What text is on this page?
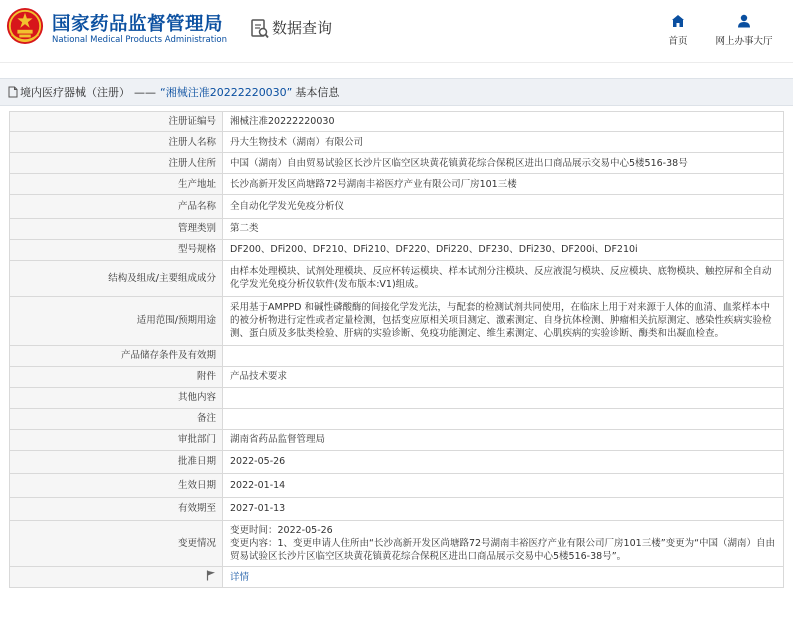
国家药品监督管理局
National Medical Products Administration
数据查询
首页	网上办事大厅
境内医疗器械（注册） —— “湘械注准20222220030” 基本信息
注册证编号	湘械注准20222220030
注册人名称	丹大生物技术（湖南）有限公司
注册人住所	中国（湖南）自由贸易试验区长沙片区临空区块黄花镇黄花综合保税区进出口商品展示交易中心5楼516-38号
生产地址	长沙高新开发区尚塘路72号湖南丰裕医疗产业有限公司厂房101三楼
产品名称	全自动化学发光免疫分析仪
管理类别	第二类
型号规格	DF200、DFi200、DF210、DFi210、DF220、DFi220、DF230、DFi230、DF200i、DF210i
结构及组成/主要组成成分	由样本处理模块、试剂处理模块、反应杯转运模块、样本试剂分注模块、反应液混匀模块、反应模块、底物模块、触控屏和全自动化学发光免疫分析仪软件(发布版本:V1)组成。
适用范围/预期用途	采用基于AMPPD 和碱性磷酸酶的间接化学发光法，与配套的检测试剂共同使用，在临床上用于对来源于人体的血清、血浆样本中的被分析物进行定性或者定量检测，包括变应原相关项目测定、激素测定、自身抗体检测、肿瘤相关抗原测定、感染性疾病实验检测、蛋白质及多肽类检验、肝病的实验诊断、免疫功能测定、维生素测定、心肌疾病的实验诊断、酶类和出凝血检查。
产品储存条件及有效期	
附件	产品技术要求
其他内容	
备注	
审批部门	湖南省药品监督管理局
批准日期	2022-05-26
生效日期	2022-01-14
有效期至	2027-01-13
变更情况	变更时间：2022-05-26
变更内容：1、变更申请人住所由“长沙高新开发区尚塘路72号湖南丰裕医疗产业有限公司厂房101三楼”变更为“中国（湖南）自由贸易试验区长沙片区临空区块黄花镇黄花综合保税区进出口商品展示交易中心5楼516-38号”。

	详情
